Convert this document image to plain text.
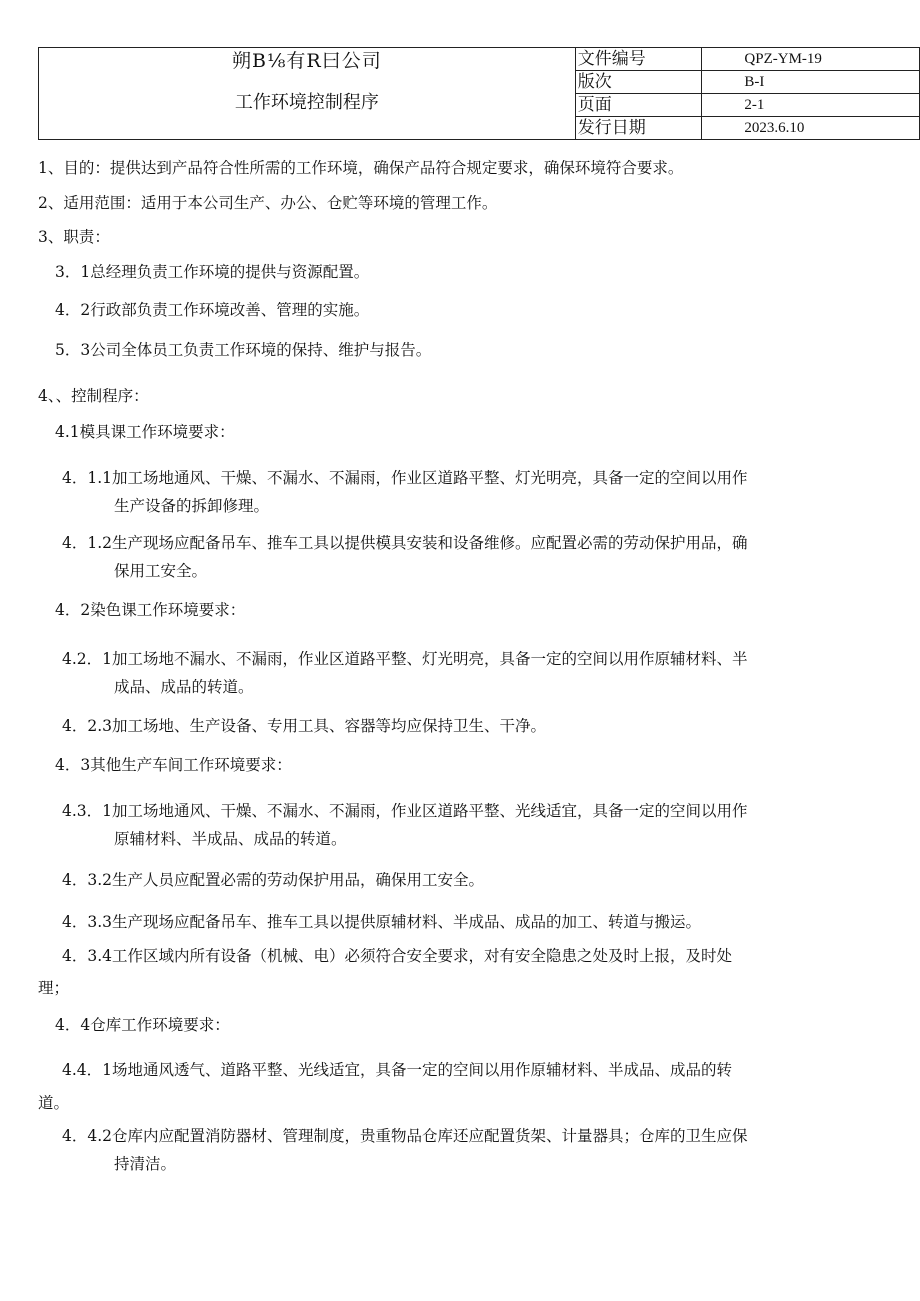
朔B⅛有R曰公司
工作环境控制程序	文件编号	QPZ-YM-19
	版次	B-I
	页面	2-1
	发行日期	2023.6.10
1、目的：提供达到产品符合性所需的工作环境，确保产品符合规定要求，确保环境符合要求。
2、适用范围：适用于本公司生产、办公、仓贮等环境的管理工作。
3、职责：
3．1总经理负责工作环境的提供与资源配置。
4．2行政部负责工作环境改善、管理的实施。
5．3公司全体员工负责工作环境的保持、维护与报告。
4、、控制程序：
4.1模具课工作环境要求：
4．1.1加工场地通风、干燥、不漏水、不漏雨，作业区道路平整、灯光明亮，具备一定的空间以用作
生产设备的拆卸修理。
4．1.2生产现场应配备吊车、推车工具以提供模具安装和设备维修。应配置必需的劳动保护用品，确
保用工安全。
4．2染色课工作环境要求：
4.2．1加工场地不漏水、不漏雨，作业区道路平整、灯光明亮，具备一定的空间以用作原辅材料、半
成品、成品的转道。
4．2.3加工场地、生产设备、专用工具、容器等均应保持卫生、干净。
4．3其他生产车间工作环境要求：
4.3．1加工场地通风、干燥、不漏水、不漏雨，作业区道路平整、光线适宜，具备一定的空间以用作
原辅材料、半成品、成品的转道。
4．3.2生产人员应配置必需的劳动保护用品，确保用工安全。
4．3.3生产现场应配备吊车、推车工具以提供原辅材料、半成品、成品的加工、转道与搬运。
4．3.4工作区域内所有设备（机械、电）必须符合安全要求，对有安全隐患之处及时上报，及时处
理；
4．4仓库工作环境要求：
4.4．1场地通风透气、道路平整、光线适宜，具备一定的空间以用作原辅材料、半成品、成品的转
道。
4．4.2仓库内应配置消防器材、管理制度，贵重物品仓库还应配置货架、计量器具；仓库的卫生应保
持清洁。
